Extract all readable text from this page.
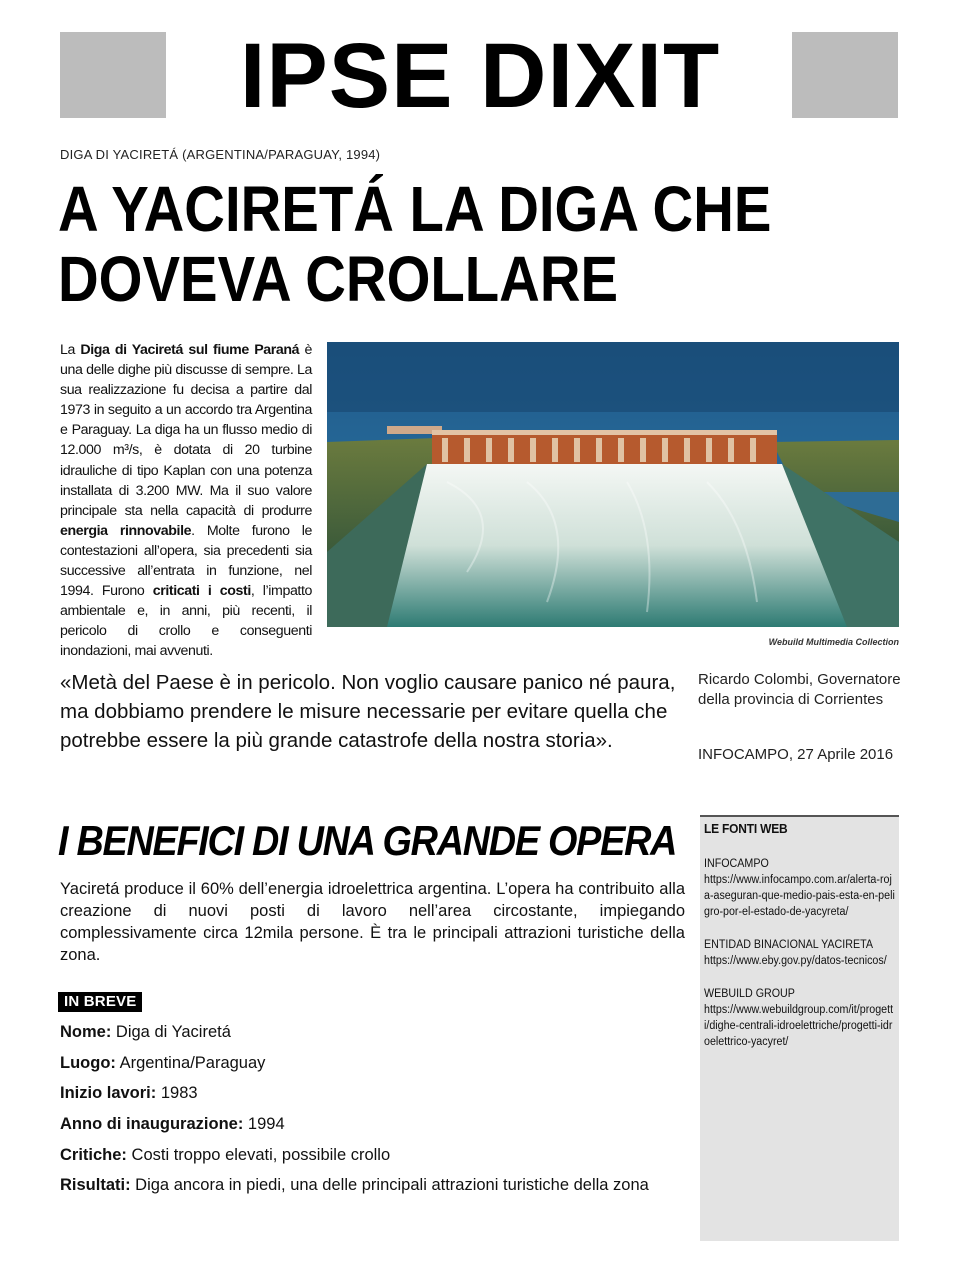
IPSE DIXIT
DIGA DI YACIRETÁ (ARGENTINA/PARAGUAY, 1994)
A YACIRETÁ LA DIGA CHE
DOVEVA CROLLARE

La Diga di Yaciretá sul fiume Paraná è una delle dighe più discusse di sempre. La sua realizzazione fu decisa a partire dal 1973 in seguito a un accordo tra Argentina e Paraguay. La diga ha un flusso medio di 12.000 m³/s, è dotata di 20 turbine idrauliche di tipo Kaplan con una potenza installata di 3.200 MW. Ma il suo valore principale sta nella capacità di produrre energia rinnovabile. Molte furono le contestazioni all’opera, sia precedenti sia successive all’entrata in funzione, nel 1994. Furono criticati i costi, l’impatto ambientale e, in anni, più recenti, il pericolo di crollo e conseguenti inondazioni, mai avvenuti.

Webuild Multimedia Collection

«Metà del Paese è in pericolo. Non voglio causare panico né paura, ma dobbiamo prendere le misure necessarie per evitare quella che potrebbe essere la più grande catastrofe della nostra storia».

Ricardo Colombi, Governatore della provincia di Corrientes

INFOCAMPO, 27 Aprile 2016

I BENEFICI DI UNA GRANDE OPERA

Yaciretá produce il 60% dell’energia idroelettrica argentina. L’opera ha contribuito alla creazione di nuovi posti di lavoro nell’area circostante, impiegando complessivamente circa 12mila persone. È tra le principali attrazioni turistiche della zona.

IN BREVE
Nome: Diga di Yaciretá
Luogo: Argentina/Paraguay
Inizio lavori: 1983
Anno di inaugurazione: 1994
Critiche: Costi troppo elevati, possibile crollo
Risultati: Diga ancora in piedi, una delle principali attrazioni turistiche della zona
LE FONTI WEB
INFOCAMPO
https://www.infocampo.com.ar/alerta-roja-aseguran-que-medio-pais-esta-en-peligro-por-el-estado-de-yacyreta/
ENTIDAD BINACIONAL YACIRETA
https://www.eby.gov.py/datos-tecnicos/
WEBUILD GROUP
https://www.webuildgroup.com/it/progetti/dighe-centrali-idroelettriche/progetti-idroelettrico-yacyret/
